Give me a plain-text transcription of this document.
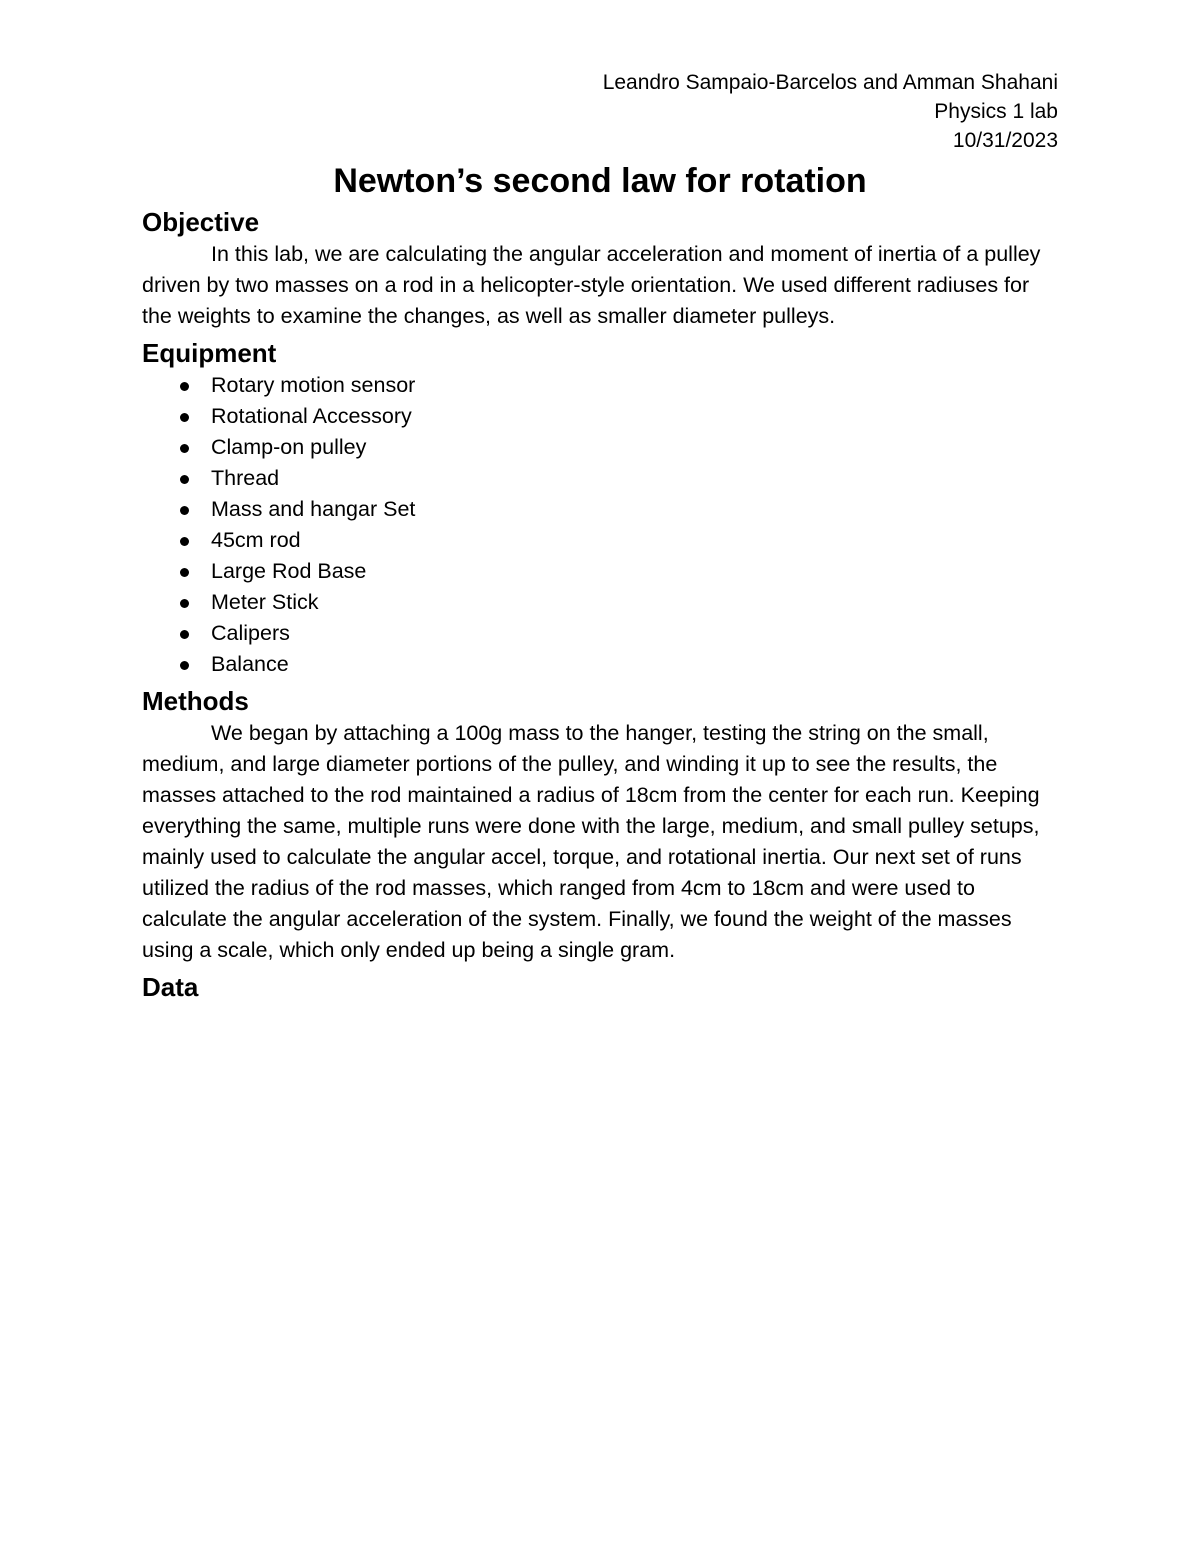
Leandro Sampaio-Barcelos and Amman Shahani
Physics 1 lab
10/31/2023
Newton’s second law for rotation
Objective

In this lab, we are calculating the angular acceleration and moment of inertia of a pulley driven by two masses on a rod in a helicopter-style orientation. We used different radiuses for the weights to examine the changes, as well as smaller diameter pulleys.

Equipment
Rotary motion sensor
Rotational Accessory
Clamp-on pulley
Thread
Mass and hangar Set
45cm rod
Large Rod Base
Meter Stick
Calipers
Balance
Methods

We began by attaching a 100g mass to the hanger, testing the string on the small, medium, and large diameter portions of the pulley, and winding it up to see the results, the masses attached to the rod maintained a radius of 18cm from the center for each run. Keeping everything the same, multiple runs were done with the large, medium, and small pulley setups, mainly used to calculate the angular accel, torque, and rotational inertia. Our next set of runs utilized the radius of the rod masses, which ranged from 4cm to 18cm and were used to calculate the angular acceleration of the system. Finally, we found the weight of the masses using a scale, which only ended up being a single gram.

Data
